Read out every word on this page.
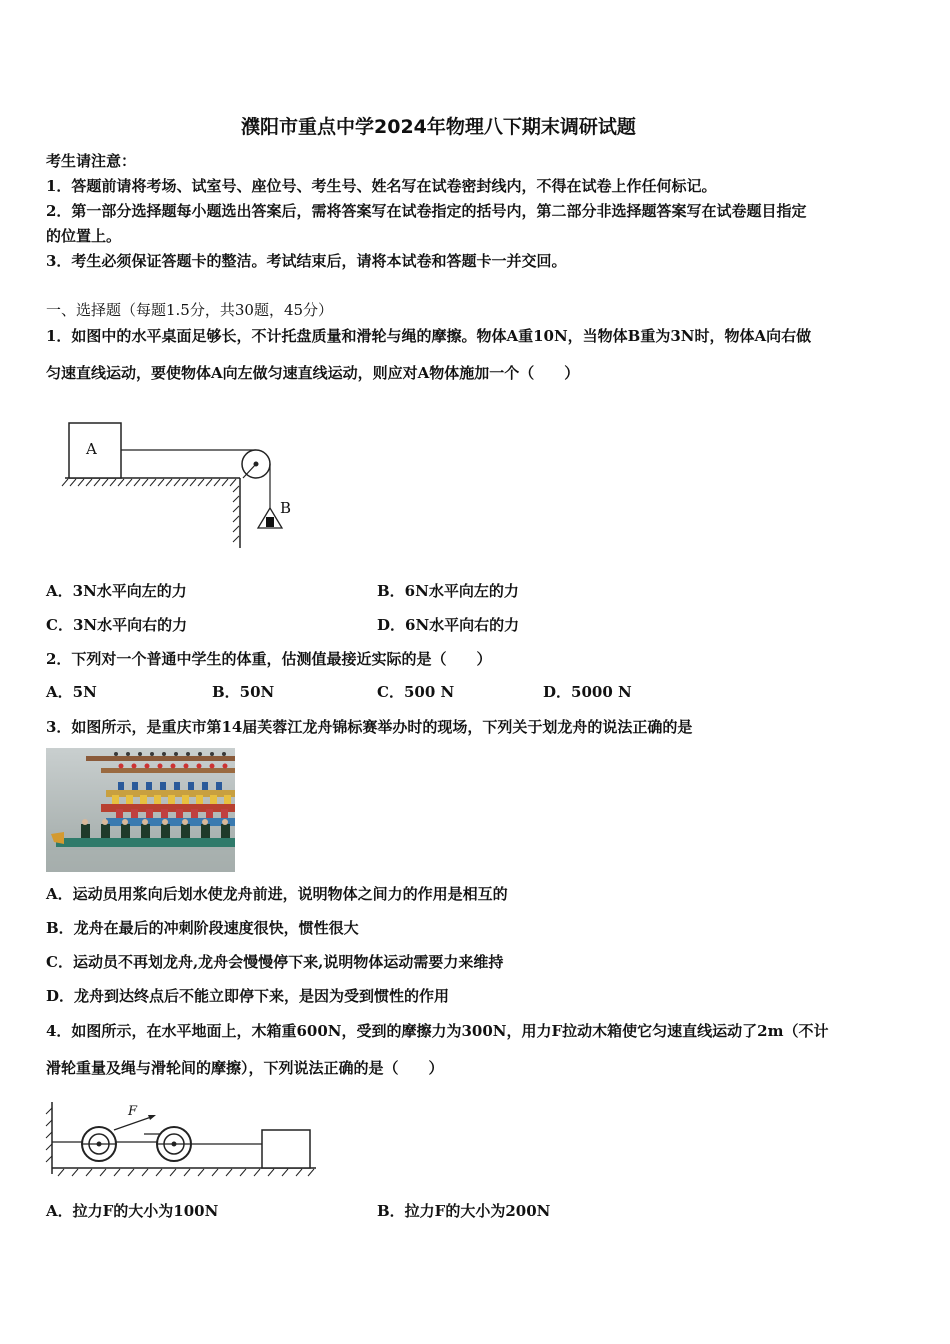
濮阳市重点中学2024年物理八下期末调研试题
考生请注意：
1．答题前请将考场、试室号、座位号、考生号、姓名写在试卷密封线内，不得在试卷上作任何标记。
2．第一部分选择题每小题选出答案后，需将答案写在试卷指定的括号内，第二部分非选择题答案写在试卷题目指定
的位置上。
3．考生必须保证答题卡的整洁。考试结束后，请将本试卷和答题卡一并交回。
一、选择题（每题1.5分，共30题，45分）
1．如图中的水平桌面足够长，不计托盘质量和滑轮与绳的摩擦。物体A重10N，当物体B重为3N时，物体A向右做
匀速直线运动，要使物体A向左做匀速直线运动，则应对A物体施加一个（　　）
A
B
A．3N水平向左的力	B．6N水平向左的力
C．3N水平向右的力	D．6N水平向右的力
2．下列对一个普通中学生的体重，估测值最接近实际的是（　　）
A．5N	B．50N	C．500 N	D．5000 N
3．如图所示，是重庆市第14届芙蓉江龙舟锦标赛举办时的现场，下列关于划龙舟的说法正确的是
A．运动员用浆向后划水使龙舟前进，说明物体之间力的作用是相互的
B．龙舟在最后的冲刺阶段速度很快，惯性很大
C．运动员不再划龙舟,龙舟会慢慢停下来,说明物体运动需要力来维持
D．龙舟到达终点后不能立即停下来，是因为受到惯性的作用
4．如图所示，在水平地面上，木箱重600N，受到的摩擦力为300N，用力F拉动木箱使它匀速直线运动了2m（不计
滑轮重量及绳与滑轮间的摩擦），下列说法正确的是（　　）
F
A．拉力F的大小为100N	B．拉力F的大小为200N
